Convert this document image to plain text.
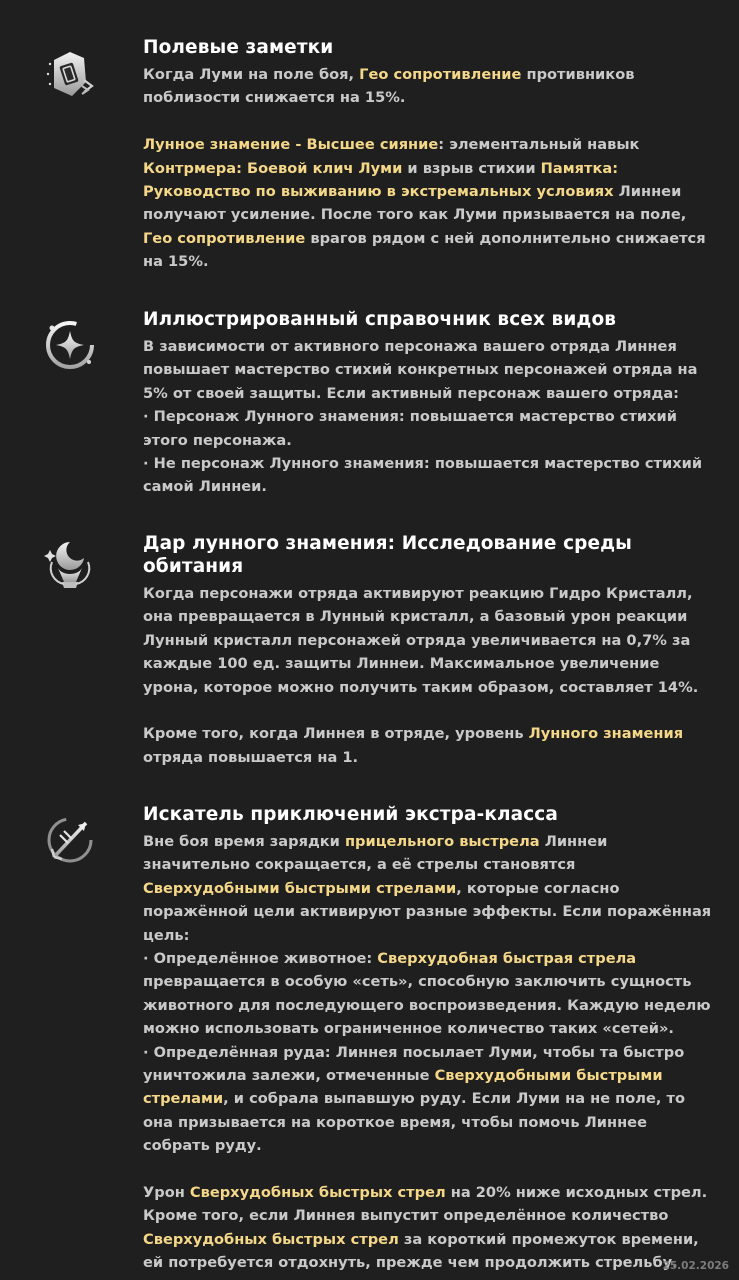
Полевые заметки

Когда Луми на поле боя, Гео сопротивление противников поблизости снижается на 15%.

Лунное знамение - Высшее сияние: элементальный навык Контрмера: Боевой клич Луми и взрыв стихии Памятка: Руководство по выживанию в экстремальных условиях Линнеи получают усиление. После того как Луми призывается на поле, Гео сопротивление врагов рядом с ней дополнительно снижается на 15%.

Иллюстрированный справочник всех видов

В зависимости от активного персонажа вашего отряда Линнея повышает мастерство стихий конкретных персонажей отряда на 5% от своей защиты. Если активный персонаж вашего отряда:
· Персонаж Лунного знамения: повышается мастерство стихий этого персонажа.
· Не персонаж Лунного знамения: повышается мастерство стихий самой Линнеи.

Дар лунного знамения: Исследование среды обитания

Когда персонажи отряда активируют реакцию Гидро Кристалл, она превращается в Лунный кристалл, а базовый урон реакции Лунный кристалл персонажей отряда увеличивается на 0,7% за каждые 100 ед. защиты Линнеи. Максимальное увеличение урона, которое можно получить таким образом, составляет 14%.

Кроме того, когда Линнея в отряде, уровень Лунного знамения отряда повышается на 1.

Искатель приключений экстра-класса

Вне боя время зарядки прицельного выстрела Линнеи значительно сокращается, а её стрелы становятся Сверхудобными быстрыми стрелами, которые согласно поражённой цели активируют разные эффекты. Если поражённая цель:
· Определённое животное: Сверхудобная быстрая стрела превращается в особую «сеть», способную заключить сущность животного для последующего воспроизведения. Каждую неделю можно использовать ограниченное количество таких «сетей».
· Определённая руда: Линнея посылает Луми, чтобы та быстро уничтожила залежи, отмеченные Сверхудобными быстрыми стрелами, и собрала выпавшую руду. Если Луми на не поле, то она призывается на короткое время, чтобы помочь Линнее собрать руду.

Урон Сверхудобных быстрых стрел на 20% ниже исходных стрел. Кроме того, если Линнея выпустит определённое количество Сверхудобных быстрых стрел за короткий промежуток времени, ей потребуется отдохнуть, прежде чем продолжить стрельбу.

25.02.2026
